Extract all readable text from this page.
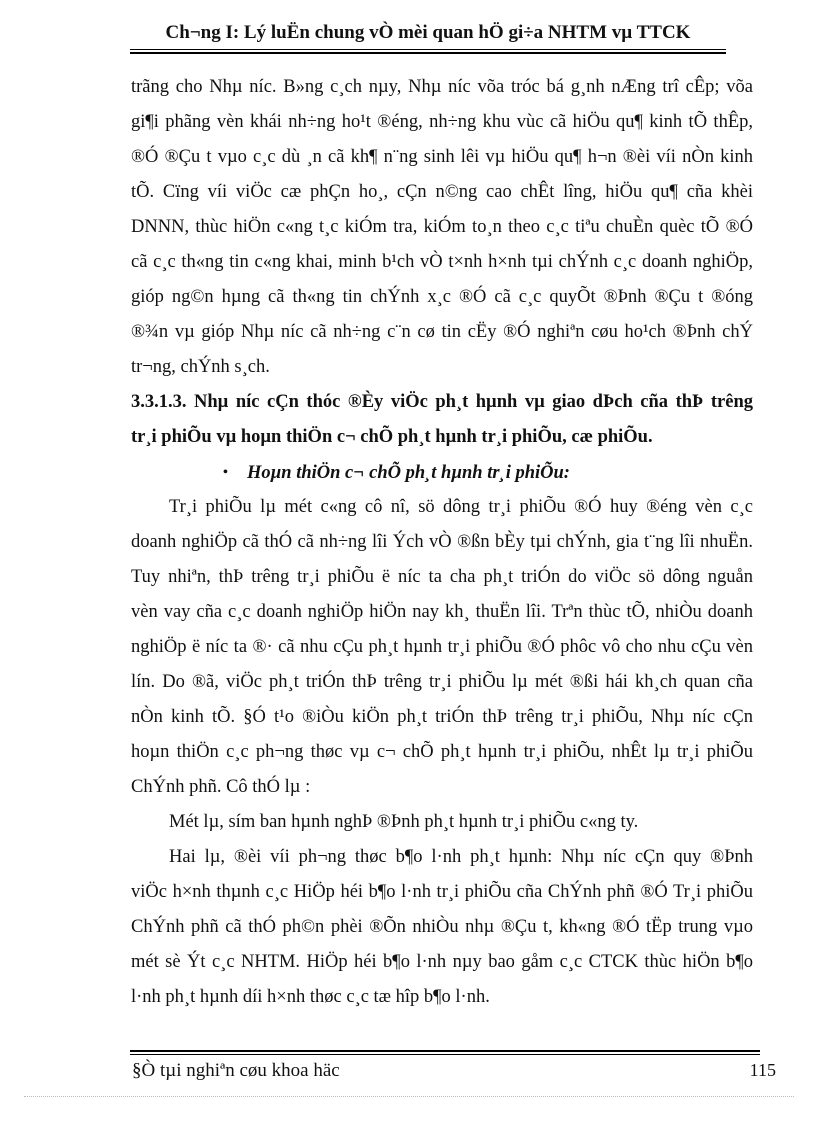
Ch¬ng I: Lý luËn chung vÒ mèi quan hÖ gi÷a NHTM vµ TTCK
trãng cho Nhµ níc. B»ng c¸ch nµy, Nhµ níc võa tróc bá g¸nh nÆng trî cÊp; võa
gi¶i phãng vèn khái nh÷ng ho¹t ®éng, nh÷ng khu vùc cã hiÖu qu¶ kinh tÕ thÊp,
®Ó ®Çu t vµo c¸c dù ¸n cã kh¶ n¨ng sinh lêi vµ hiÖu qu¶ h¬n ®èi víi nÒn kinh
tÕ. Cïng víi viÖc cæ phÇn ho¸, cÇn n©ng cao chÊt lîng, hiÖu qu¶ cña khèi
DNNN, thùc hiÖn c«ng t¸c kiÓm tra, kiÓm to¸n theo c¸c tiªu chuÈn quèc tÕ ®Ó
cã c¸c th«ng tin c«ng khai, minh b¹ch vÒ t×nh h×nh tµi chÝnh c¸c doanh nghiÖp,
gióp ng©n hµng cã th«ng tin chÝnh x¸c ®Ó cã c¸c quyÕt ®Þnh ®Çu t ®óng
®¾n vµ gióp Nhµ níc cã nh÷ng c¨n cø tin cËy ®Ó nghiªn cøu ho¹ch ®Þnh chÝ
tr¬ng, chÝnh s¸ch.
3.3.1.3. Nhµ níc cÇn thóc ®Èy viÖc ph¸t hµnh vµ giao dÞch cña thÞ trêng
tr¸i phiÕu vµ hoµn thiÖn c¬ chÕ ph¸t hµnh tr¸i phiÕu, cæ phiÕu.
• Hoµn thiÖn c¬ chÕ ph¸t hµnh tr¸i phiÕu:
Tr¸i phiÕu lµ mét c«ng cô nî, sö dông tr¸i phiÕu ®Ó huy ®éng vèn c¸c
doanh nghiÖp cã thÓ cã nh÷ng lîi Ých vÒ ®ßn bÈy tµi chÝnh, gia t¨ng lîi nhuËn.
Tuy nhiªn, thÞ trêng tr¸i phiÕu ë níc ta cha ph¸t triÓn do viÖc sö dông nguån
vèn vay cña c¸c doanh nghiÖp hiÖn nay kh¸ thuËn lîi. Trªn thùc tÕ, nhiÒu doanh
nghiÖp ë níc ta ®· cã nhu cÇu ph¸t hµnh tr¸i phiÕu ®Ó phôc vô cho nhu cÇu vèn
lín. Do ®ã, viÖc ph¸t triÓn thÞ trêng tr¸i phiÕu lµ mét ®ßi hái kh¸ch quan cña
nÒn kinh tÕ. §Ó t¹o ®iÒu kiÖn ph¸t triÓn thÞ trêng tr¸i phiÕu, Nhµ níc cÇn
hoµn thiÖn c¸c ph¬ng thøc vµ c¬ chÕ ph¸t hµnh tr¸i phiÕu, nhÊt lµ tr¸i phiÕu
ChÝnh phñ. Cô thÓ lµ :
Mét lµ, sím ban hµnh nghÞ ®Þnh ph¸t hµnh tr¸i phiÕu c«ng ty.
Hai lµ, ®èi víi ph¬ng thøc b¶o l·nh ph¸t hµnh: Nhµ níc cÇn quy ®Þnh
viÖc h×nh thµnh c¸c HiÖp héi b¶o l·nh tr¸i phiÕu cña ChÝnh phñ ®Ó Tr¸i phiÕu
ChÝnh phñ cã thÓ ph©n phèi ®Õn nhiÒu nhµ ®Çu t, kh«ng ®Ó tËp trung vµo
mét sè Ýt c¸c NHTM. HiÖp héi b¶o l·nh nµy bao gåm c¸c CTCK thùc hiÖn b¶o
l·nh ph¸t hµnh díi h×nh thøc c¸c tæ hîp b¶o l·nh.
§Ò tµi nghiªn cøu khoa häc	115
